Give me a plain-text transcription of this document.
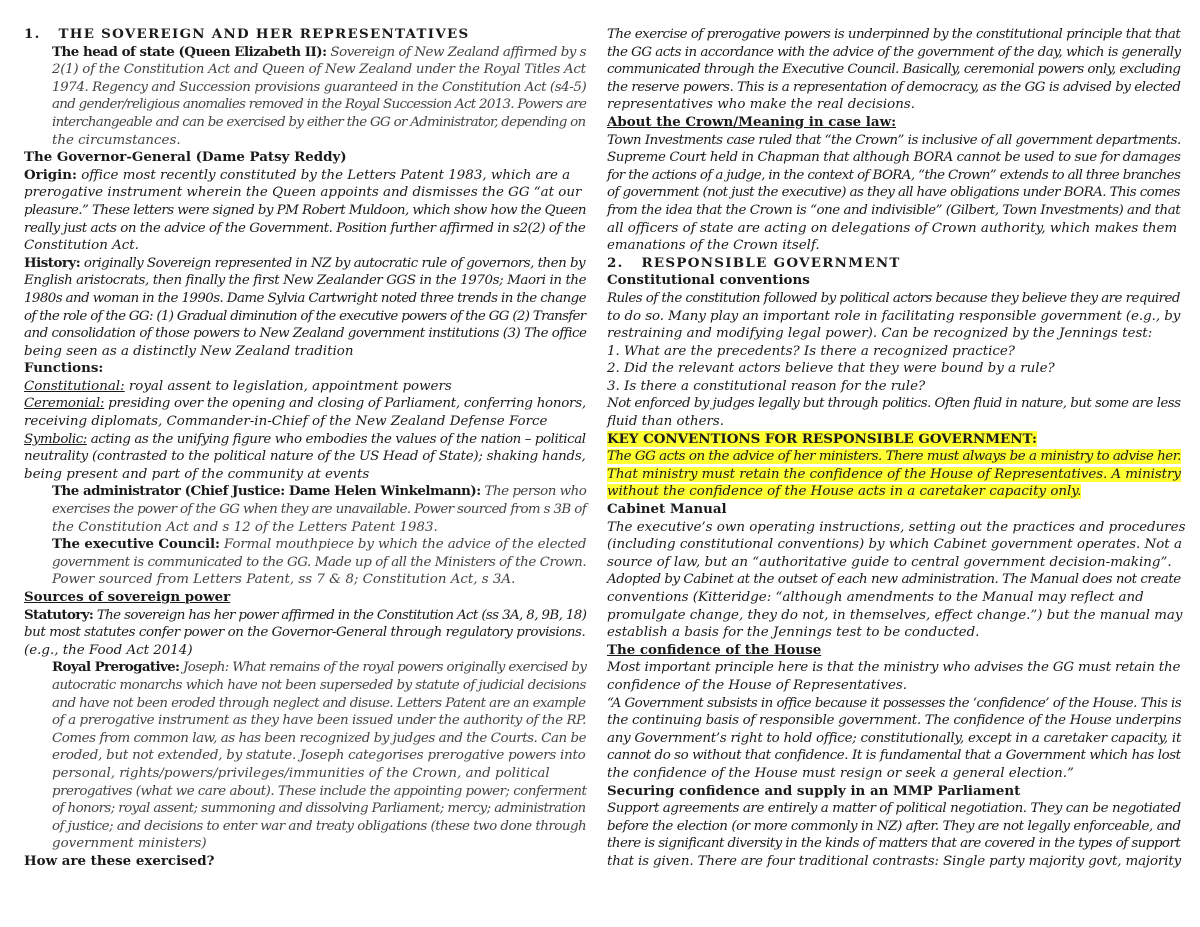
1. THE SOVEREIGN AND HER REPRESENTATIVES
The head of state (Queen Elizabeth II): Sovereign of New Zealand affirmed by s
2(1) of the Constitution Act and Queen of New Zealand under the Royal Titles Act
1974. Regency and Succession provisions guaranteed in the Constitution Act (s4-5)
and gender/religious anomalies removed in the Royal Succession Act 2013. Powers are
interchangeable and can be exercised by either the GG or Administrator, depending on
the circumstances.
The Governor-General (Dame Patsy Reddy)
Origin: office most recently constituted by the Letters Patent 1983, which are a
prerogative instrument wherein the Queen appoints and dismisses the GG “at our
pleasure.” These letters were signed by PM Robert Muldoon, which show how the Queen
really just acts on the advice of the Government. Position further affirmed in s2(2) of the
Constitution Act.
History: originally Sovereign represented in NZ by autocratic rule of governors, then by
English aristocrats, then finally the first New Zealander GGS in the 1970s; Maori in the
1980s and woman in the 1990s. Dame Sylvia Cartwright noted three trends in the change
of the role of the GG: (1) Gradual diminution of the executive powers of the GG (2) Transfer
and consolidation of those powers to New Zealand government institutions (3) The office
being seen as a distinctly New Zealand tradition
Functions:
Constitutional: royal assent to legislation, appointment powers
Ceremonial: presiding over the opening and closing of Parliament, conferring honors,
receiving diplomats, Commander-in-Chief of the New Zealand Defense Force
Symbolic: acting as the unifying figure who embodies the values of the nation – political
neutrality (contrasted to the political nature of the US Head of State); shaking hands,
being present and part of the community at events
The administrator (Chief Justice: Dame Helen Winkelmann): The person who
exercises the power of the GG when they are unavailable. Power sourced from s 3B of
the Constitution Act and s 12 of the Letters Patent 1983.
The executive Council: Formal mouthpiece by which the advice of the elected
government is communicated to the GG. Made up of all the Ministers of the Crown.
Power sourced from Letters Patent, ss 7 & 8; Constitution Act, s 3A.
Sources of sovereign power
Statutory: The sovereign has her power affirmed in the Constitution Act (ss 3A, 8, 9B, 18)
but most statutes confer power on the Governor-General through regulatory provisions.
(e.g., the Food Act 2014)
Royal Prerogative: Joseph: What remains of the royal powers originally exercised by
autocratic monarchs which have not been superseded by statute of judicial decisions
and have not been eroded through neglect and disuse. Letters Patent are an example
of a prerogative instrument as they have been issued under the authority of the RP.
Comes from common law, as has been recognized by judges and the Courts. Can be
eroded, but not extended, by statute. Joseph categorises prerogative powers into
personal, rights/powers/privileges/immunities of the Crown, and political
prerogatives (what we care about). These include the appointing power; conferment
of honors; royal assent; summoning and dissolving Parliament; mercy; administration
of justice; and decisions to enter war and treaty obligations (these two done through
government ministers)
How are these exercised?
The exercise of prerogative powers is underpinned by the constitutional principle that that
the GG acts in accordance with the advice of the government of the day, which is generally
communicated through the Executive Council. Basically, ceremonial powers only, excluding
the reserve powers. This is a representation of democracy, as the GG is advised by elected
representatives who make the real decisions.
About the Crown/Meaning in case law:
Town Investments case ruled that “the Crown” is inclusive of all government departments.
Supreme Court held in Chapman that although BORA cannot be used to sue for damages
for the actions of a judge, in the context of BORA, “the Crown” extends to all three branches
of government (not just the executive) as they all have obligations under BORA. This comes
from the idea that the Crown is “one and indivisible” (Gilbert, Town Investments) and that
all officers of state are acting on delegations of Crown authority, which makes them
emanations of the Crown itself.
2. RESPONSIBLE GOVERNMENT
Constitutional conventions
Rules of the constitution followed by political actors because they believe they are required
to do so. Many play an important role in facilitating responsible government (e.g., by
restraining and modifying legal power). Can be recognized by the Jennings test:
1. What are the precedents? Is there a recognized practice?
2. Did the relevant actors believe that they were bound by a rule?
3. Is there a constitutional reason for the rule?
Not enforced by judges legally but through politics. Often fluid in nature, but some are less
fluid than others.
KEY CONVENTIONS FOR RESPONSIBLE GOVERNMENT:
The GG acts on the advice of her ministers. There must always be a ministry to advise her.
That ministry must retain the confidence of the House of Representatives. A ministry
without the confidence of the House acts in a caretaker capacity only.
Cabinet Manual
The executive’s own operating instructions, setting out the practices and procedures
(including constitutional conventions) by which Cabinet government operates. Not a
source of law, but an “authoritative guide to central government decision-making”.
Adopted by Cabinet at the outset of each new administration. The Manual does not create
conventions (Kitteridge: “although amendments to the Manual may reflect and
promulgate change, they do not, in themselves, effect change.”) but the manual may
establish a basis for the Jennings test to be conducted.
The confidence of the House
Most important principle here is that the ministry who advises the GG must retain the
confidence of the House of Representatives.
“A Government subsists in office because it possesses the ‘confidence’ of the House. This is
the continuing basis of responsible government. The confidence of the House underpins
any Government’s right to hold office; constitutionally, except in a caretaker capacity, it
cannot do so without that confidence. It is fundamental that a Government which has lost
the confidence of the House must resign or seek a general election.”
Securing confidence and supply in an MMP Parliament
Support agreements are entirely a matter of political negotiation. They can be negotiated
before the election (or more commonly in NZ) after. They are not legally enforceable, and
there is significant diversity in the kinds of matters that are covered in the types of support
that is given. There are four traditional contrasts: Single party majority govt, majority
